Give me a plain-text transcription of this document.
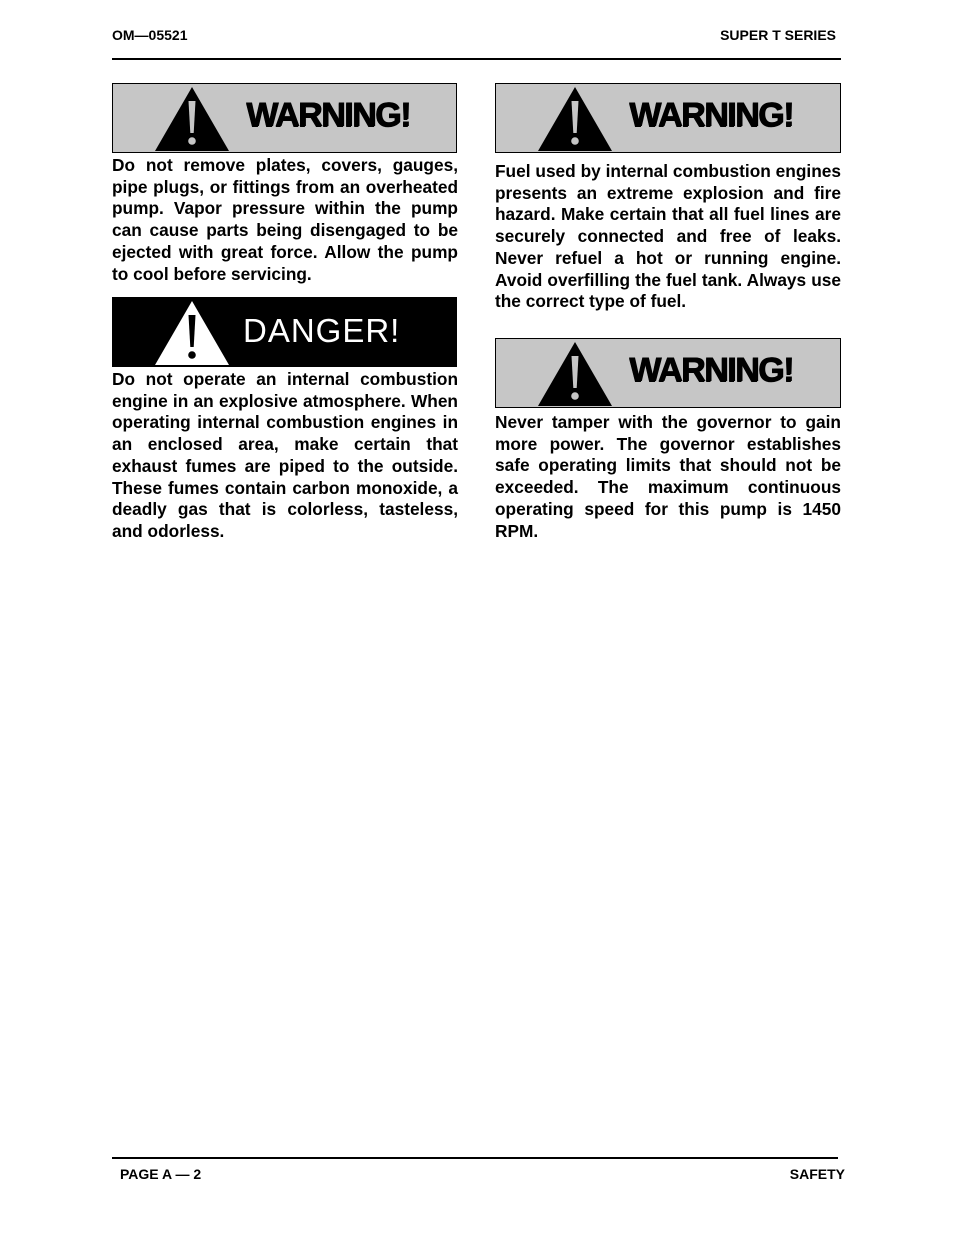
OM—05521	SUPER T SERIES
WARNING!

Do not remove plates, covers, gauges, pipe plugs, or fittings from an overheated pump. Vapor pressure within the pump can cause parts being disengaged to be ejected with great force. Allow the pump to cool before servicing.

DANGER!

Do not operate an internal combustion engine in an explosive atmosphere. When operating internal combustion engines in an enclosed area, make certain that exhaust fumes are piped to the outside. These fumes contain carbon monoxide, a deadly gas that is colorless, tasteless, and odorless.

WARNING!

Fuel used by internal combustion engines presents an extreme explosion and fire hazard. Make certain that all fuel lines are securely connected and free of leaks. Never refuel a hot or running engine. Avoid overfilling the fuel tank. Always use the correct type of fuel.

WARNING!

Never tamper with the governor to gain more power. The governor establishes safe operating limits that should not be exceeded. The maximum continuous operating speed for this pump is 1450 RPM.

PAGE A — 2	SAFETY
